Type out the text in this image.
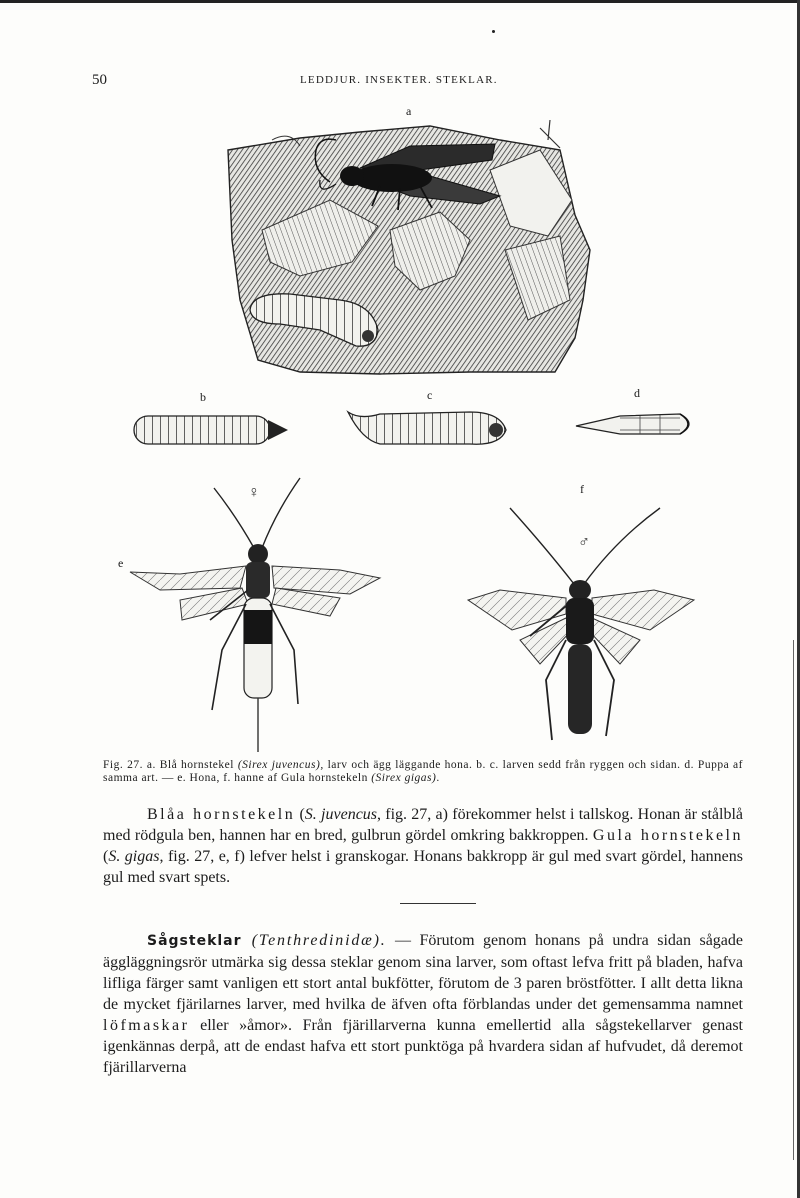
50	LEDDJUR. INSEKTER. STEKLAR.
a
b	c	d
e
f
♀
♂
Fig. 27. a. Blå hornstekel (Sirex juvencus), larv och ägg läggande hona. b. c. larven sedd från ryggen och sidan. d. Puppa af samma art. — e. Hona, f. hanne af Gula hornstekeln (Sirex gigas).
Blåa hornstekeln (S. juvencus, fig. 27, a) förekommer helst i tallskog. Honan är stålblå med rödgula ben, hannen har en bred, gulbrun gördel omkring bakkroppen. Gula hornstekeln (S. gigas, fig. 27, e, f) lefver helst i granskogar. Honans bakkropp är gul med svart gördel, hannens gul med svart spets.
Sågsteklar (Tenthredinidæ). — Förutom genom honans på undra sidan sågade äggläggningsrör utmärka sig dessa steklar genom sina larver, som oftast lefva fritt på bladen, hafva lifliga färger samt vanligen ett stort antal bukfötter, förutom de 3 paren bröstfötter. I allt detta likna de mycket fjärilarnes larver, med hvilka de äfven ofta förblandas under det gemensamma namnet löfmaskar eller »åmor». Från fjärillarverna kunna emellertid alla sågstekellarver genast igenkännas derpå, att de endast hafva ett stort punktöga på hvardera sidan af hufvudet, då deremot fjärillarverna
